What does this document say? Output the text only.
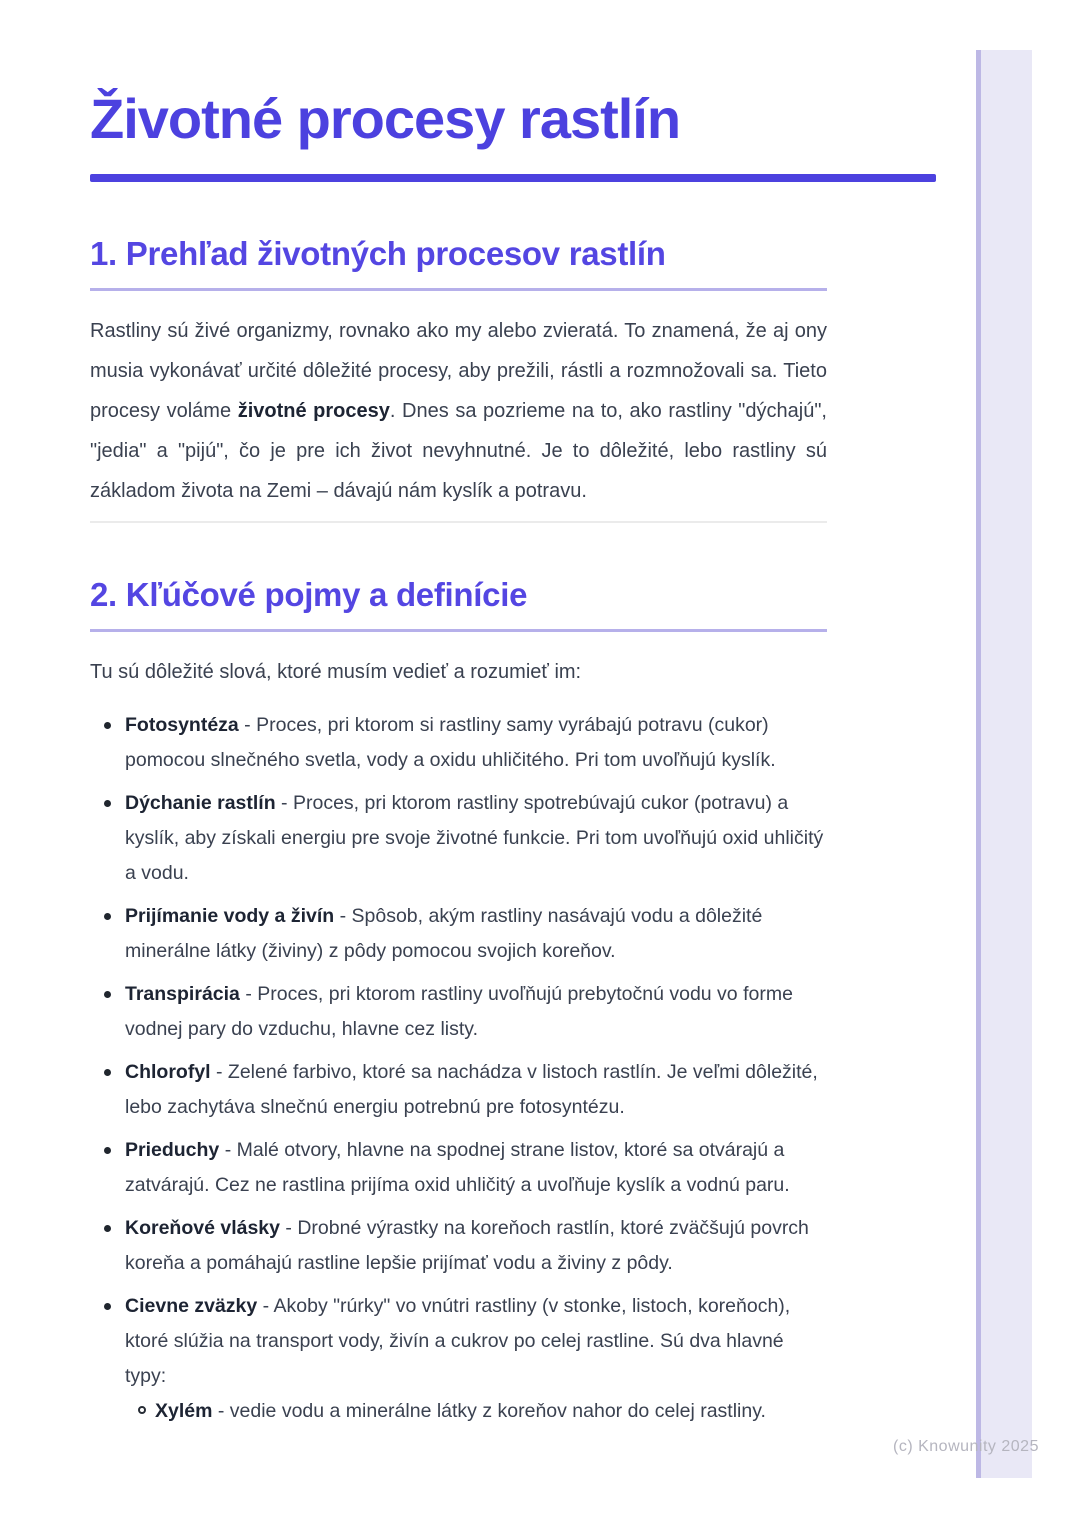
(c) Knowunity 2025
Životné procesy rastlín
1. Prehľad životných procesov rastlín

Rastliny sú živé organizmy, rovnako ako my alebo zvieratá. To znamená, že aj ony musia vykonávať určité dôležité procesy, aby prežili, rástli a rozmnožovali sa. Tieto procesy voláme životné procesy. Dnes sa pozrieme na to, ako rastliny "dýchajú", "jedia" a "pijú", čo je pre ich život nevyhnutné. Je to dôležité, lebo rastliny sú základom života na Zemi – dávajú nám kyslík a potravu.

2. Kľúčové pojmy a definície

Tu sú dôležité slová, ktoré musím vedieť a rozumieť im:

Fotosyntéza - Proces, pri ktorom si rastliny samy vyrábajú potravu (cukor) pomocou slnečného svetla, vody a oxidu uhličitého. Pri tom uvoľňujú kyslík.
Dýchanie rastlín - Proces, pri ktorom rastliny spotrebúvajú cukor (potravu) a kyslík, aby získali energiu pre svoje životné funkcie. Pri tom uvoľňujú oxid uhličitý a vodu.
Prijímanie vody a živín - Spôsob, akým rastliny nasávajú vodu a dôležité minerálne látky (živiny) z pôdy pomocou svojich koreňov.
Transpirácia - Proces, pri ktorom rastliny uvoľňujú prebytočnú vodu vo forme vodnej pary do vzduchu, hlavne cez listy.
Chlorofyl - Zelené farbivo, ktoré sa nachádza v listoch rastlín. Je veľmi dôležité, lebo zachytáva slnečnú energiu potrebnú pre fotosyntézu.
Prieduchy - Malé otvory, hlavne na spodnej strane listov, ktoré sa otvárajú a zatvárajú. Cez ne rastlina prijíma oxid uhličitý a uvoľňuje kyslík a vodnú paru.
Koreňové vlásky - Drobné výrastky na koreňoch rastlín, ktoré zväčšujú povrch koreňa a pomáhajú rastline lepšie prijímať vodu a živiny z pôdy.
Cievne zväzky - Akoby "rúrky" vo vnútri rastliny (v stonke, listoch, koreňoch), ktoré slúžia na transport vody, živín a cukrov po celej rastline. Sú dva hlavné typy:
Xylém - vedie vodu a minerálne látky z koreňov nahor do celej rastliny.
